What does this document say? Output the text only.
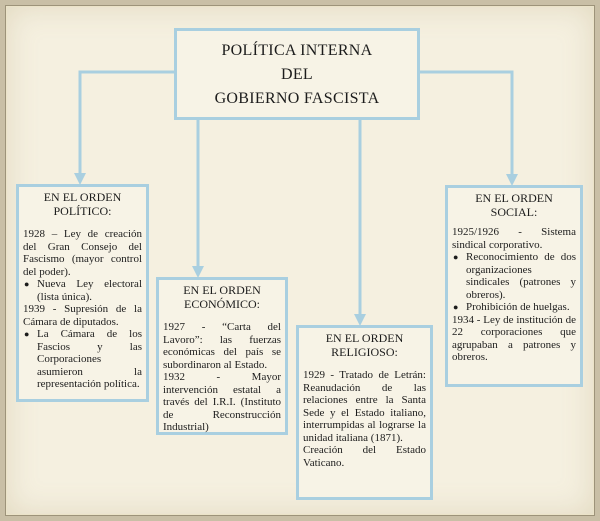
POLÍTICA INTERNA
DEL
GOBIERNO FASCISTA
EN EL ORDEN
POLÍTICO:

1928 – Ley de creación del Gran Consejo del Fascismo (mayor control del poder).

● Nueva Ley electoral (lista única).

1939 - Supresión de la Cámara de diputados.

● La Cámara de los Fascios y las Corporaciones asumieron la representación política.

EN EL ORDEN
ECONÓMICO:

1927 - “Carta del Lavoro”: las fuerzas económicas del país se subordinaron al Estado.

1932 - Mayor intervención estatal a través del I.R.I. (Instituto de Reconstrucción Industrial)

EN EL ORDEN
RELIGIOSO:

1929 - Tratado de Letrán: Reanudación de las relaciones entre la Santa Sede y el Estado italiano, interrumpidas al lograrse la unidad italiana (1871).

Creación del Estado Vaticano.

EN EL ORDEN
SOCIAL:

1925/1926 - Sistema sindical corporativo.

● Reconocimiento de dos organizaciones sindicales (patrones y obreros).

● Prohibición de huelgas.

1934 - Ley de institución de 22 corporaciones que agrupaban a patrones y obreros.
